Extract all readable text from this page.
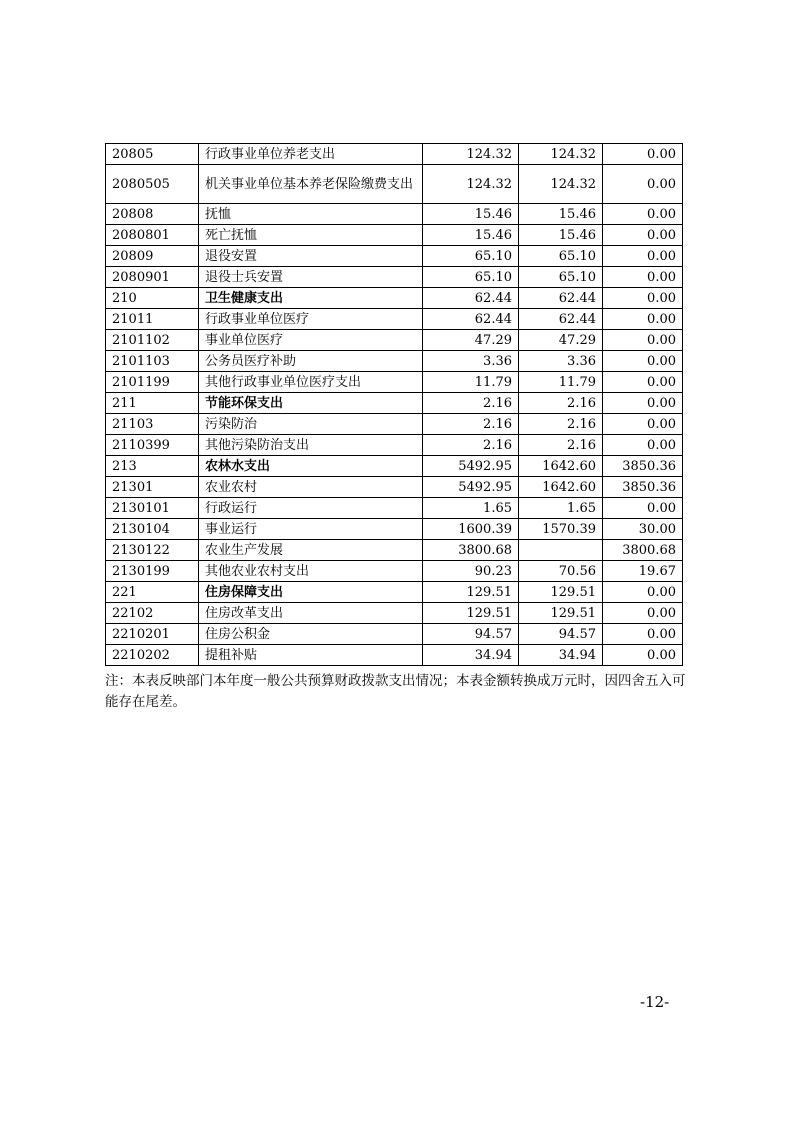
20805	行政事业单位养老支出	124.32	124.32	0.00
2080505	机关事业单位基本养老保险缴费支出	124.32	124.32	0.00
20808	抚恤	15.46	15.46	0.00
2080801	死亡抚恤	15.46	15.46	0.00
20809	退役安置	65.10	65.10	0.00
2080901	退役士兵安置	65.10	65.10	0.00
210	卫生健康支出	62.44	62.44	0.00
21011	行政事业单位医疗	62.44	62.44	0.00
2101102	事业单位医疗	47.29	47.29	0.00
2101103	公务员医疗补助	3.36	3.36	0.00
2101199	其他行政事业单位医疗支出	11.79	11.79	0.00
211	节能环保支出	2.16	2.16	0.00
21103	污染防治	2.16	2.16	0.00
2110399	其他污染防治支出	2.16	2.16	0.00
213	农林水支出	5492.95	1642.60	3850.36
21301	农业农村	5492.95	1642.60	3850.36
2130101	行政运行	1.65	1.65	0.00
2130104	事业运行	1600.39	1570.39	30.00
2130122	农业生产发展	3800.68		3800.68
2130199	其他农业农村支出	90.23	70.56	19.67
221	住房保障支出	129.51	129.51	0.00
22102	住房改革支出	129.51	129.51	0.00
2210201	住房公积金	94.57	94.57	0.00
2210202	提租补贴	34.94	34.94	0.00
注：本表反映部门本年度一般公共预算财政拨款支出情况；本表金额转换成万元时，因四舍五入可能存在尾差。
-12-
